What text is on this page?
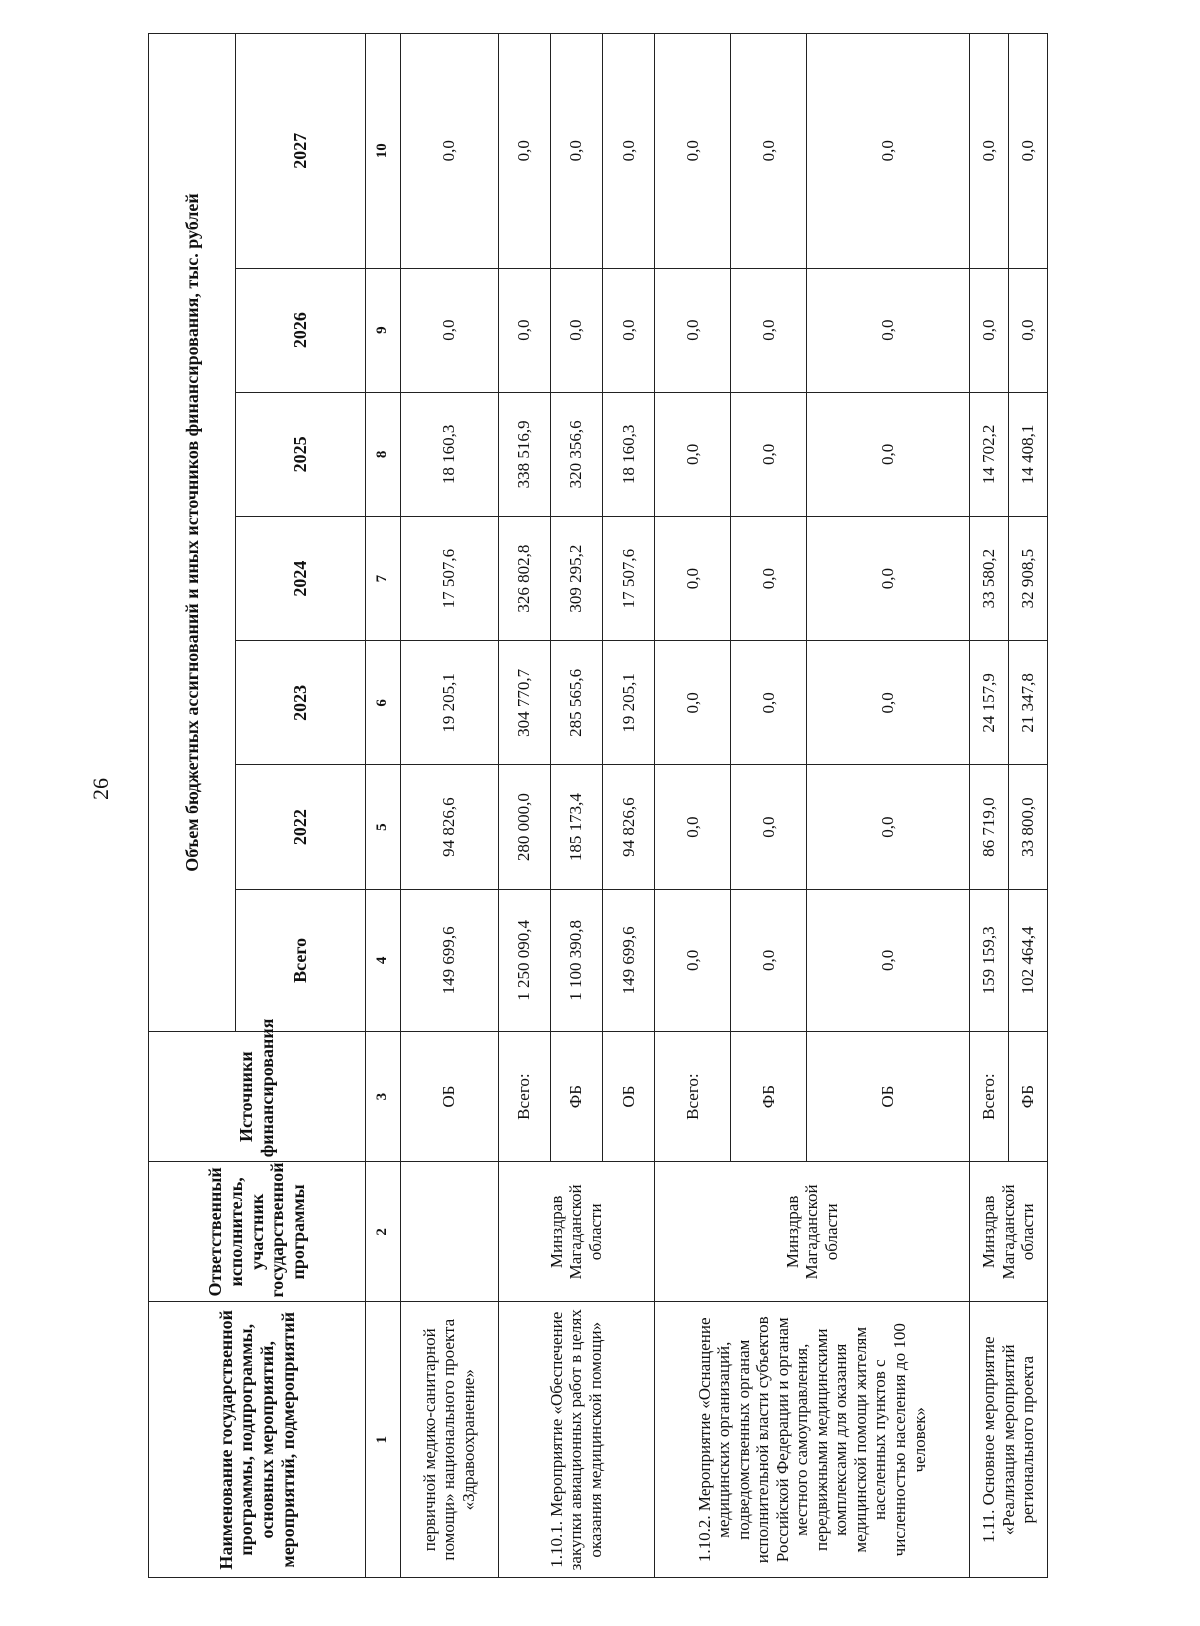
26
Наименование государственной программы, подпрограммы, основных мероприятий, мероприятий, подмероприятий	Ответственный исполнитель, участник государственной программы	Источники финансирования	Объем бюджетных ассигнований и иных источников финансирования, тыс. рублей						
			Всего	2022	2023	2024	2025	2026	2027
1	2	3	4	5	6	7	8	9	10
первичной медико-санитарной помощи» национального проекта «Здравоохранение»		ОБ	149 699,6	94 826,6	19 205,1	17 507,6	18 160,3	0,0	0,0
1.10.1. Мероприятие «Обеспечение закупки авиационных работ в целях оказания медицинской помощи»	Минздрав Магаданской области	Всего:	1 250 090,4	280 000,0	304 770,7	326 802,8	338 516,9	0,0	0,0
		ФБ	1 100 390,8	185 173,4	285 565,6	309 295,2	320 356,6	0,0	0,0
		ОБ	149 699,6	94 826,6	19 205,1	17 507,6	18 160,3	0,0	0,0
1.10.2. Мероприятие «Оснащение медицинских организаций, подведомственных органам исполнительной власти субъектов Российской Федерации и органам местного самоуправления, передвижными медицинскими комплексами для оказания медицинской помощи жителям населенных пунктов с численностью населения до 100 человек»	Минздрав Магаданской области	Всего:	0,0	0,0	0,0	0,0	0,0	0,0	0,0
		ФБ	0,0	0,0	0,0	0,0	0,0	0,0	0,0
		ОБ	0,0	0,0	0,0	0,0	0,0	0,0	0,0
1.11. Основное мероприятие «Реализация мероприятий регионального проекта	Минздрав Магаданской области	Всего:	159 159,3	86 719,0	24 157,9	33 580,2	14 702,2	0,0	0,0
		ФБ	102 464,4	33 800,0	21 347,8	32 908,5	14 408,1	0,0	0,0
